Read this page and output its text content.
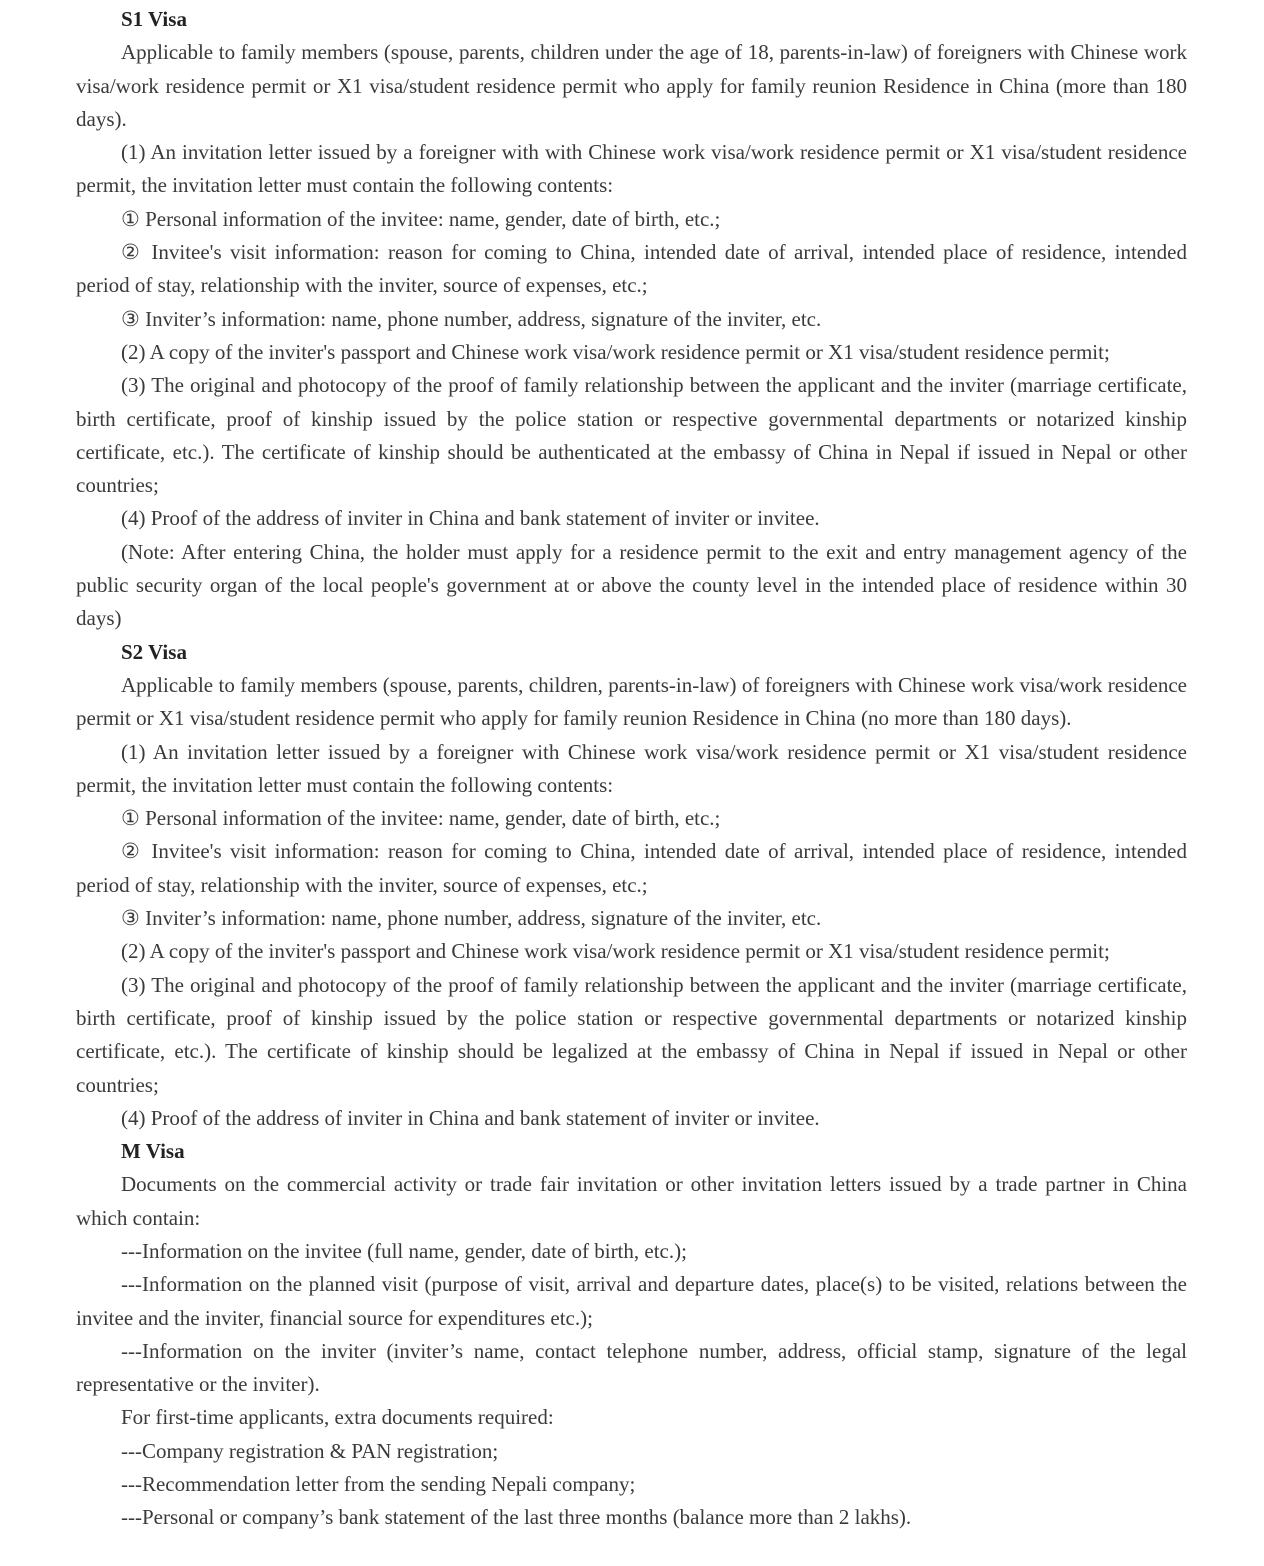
S1 Visa
Applicable to family members (spouse, parents, children under the age of 18, parents-in-law) of foreigners with Chinese work visa/work residence permit or X1 visa/student residence permit who apply for family reunion Residence in China (more than 180 days).
(1) An invitation letter issued by a foreigner with with Chinese work visa/work residence permit or X1 visa/student residence permit, the invitation letter must contain the following contents:
① Personal information of the invitee: name, gender, date of birth, etc.;
② Invitee's visit information: reason for coming to China, intended date of arrival, intended place of residence, intended period of stay, relationship with the inviter, source of expenses, etc.;
③ Inviter’s information: name, phone number, address, signature of the inviter, etc.
(2) A copy of the inviter's passport and Chinese work visa/work residence permit or X1 visa/student residence permit;
(3) The original and photocopy of the proof of family relationship between the applicant and the inviter (marriage certificate, birth certificate, proof of kinship issued by the police station or respective governmental departments or notarized kinship certificate, etc.). The certificate of kinship should be authenticated at the embassy of China in Nepal if issued in Nepal or other countries;
(4) Proof of the address of inviter in China and bank statement of inviter or invitee.
(Note: After entering China, the holder must apply for a residence permit to the exit and entry management agency of the public security organ of the local people's government at or above the county level in the intended place of residence within 30 days)
S2 Visa
Applicable to family members (spouse, parents, children, parents-in-law) of foreigners with Chinese work visa/work residence permit or X1 visa/student residence permit who apply for family reunion Residence in China (no more than 180 days).
(1) An invitation letter issued by a foreigner with Chinese work visa/work residence permit or X1 visa/student residence permit, the invitation letter must contain the following contents:
① Personal information of the invitee: name, gender, date of birth, etc.;
② Invitee's visit information: reason for coming to China, intended date of arrival, intended place of residence, intended period of stay, relationship with the inviter, source of expenses, etc.;
③ Inviter’s information: name, phone number, address, signature of the inviter, etc.
(2) A copy of the inviter's passport and Chinese work visa/work residence permit or X1 visa/student residence permit;
(3) The original and photocopy of the proof of family relationship between the applicant and the inviter (marriage certificate, birth certificate, proof of kinship issued by the police station or respective governmental departments or notarized kinship certificate, etc.). The certificate of kinship should be legalized at the embassy of China in Nepal if issued in Nepal or other countries;
(4) Proof of the address of inviter in China and bank statement of inviter or invitee.
M Visa
Documents on the commercial activity or trade fair invitation or other invitation letters issued by a trade partner in China which contain:
---Information on the invitee (full name, gender, date of birth, etc.);
---Information on the planned visit (purpose of visit, arrival and departure dates, place(s) to be visited, relations between the invitee and the inviter, financial source for expenditures etc.);
---Information on the inviter (inviter’s name, contact telephone number, address, official stamp, signature of the legal representative or the inviter).
For first-time applicants, extra documents required:
---Company registration & PAN registration;
---Recommendation letter from the sending Nepali company;
---Personal or company’s bank statement of the last three months (balance more than 2 lakhs).
